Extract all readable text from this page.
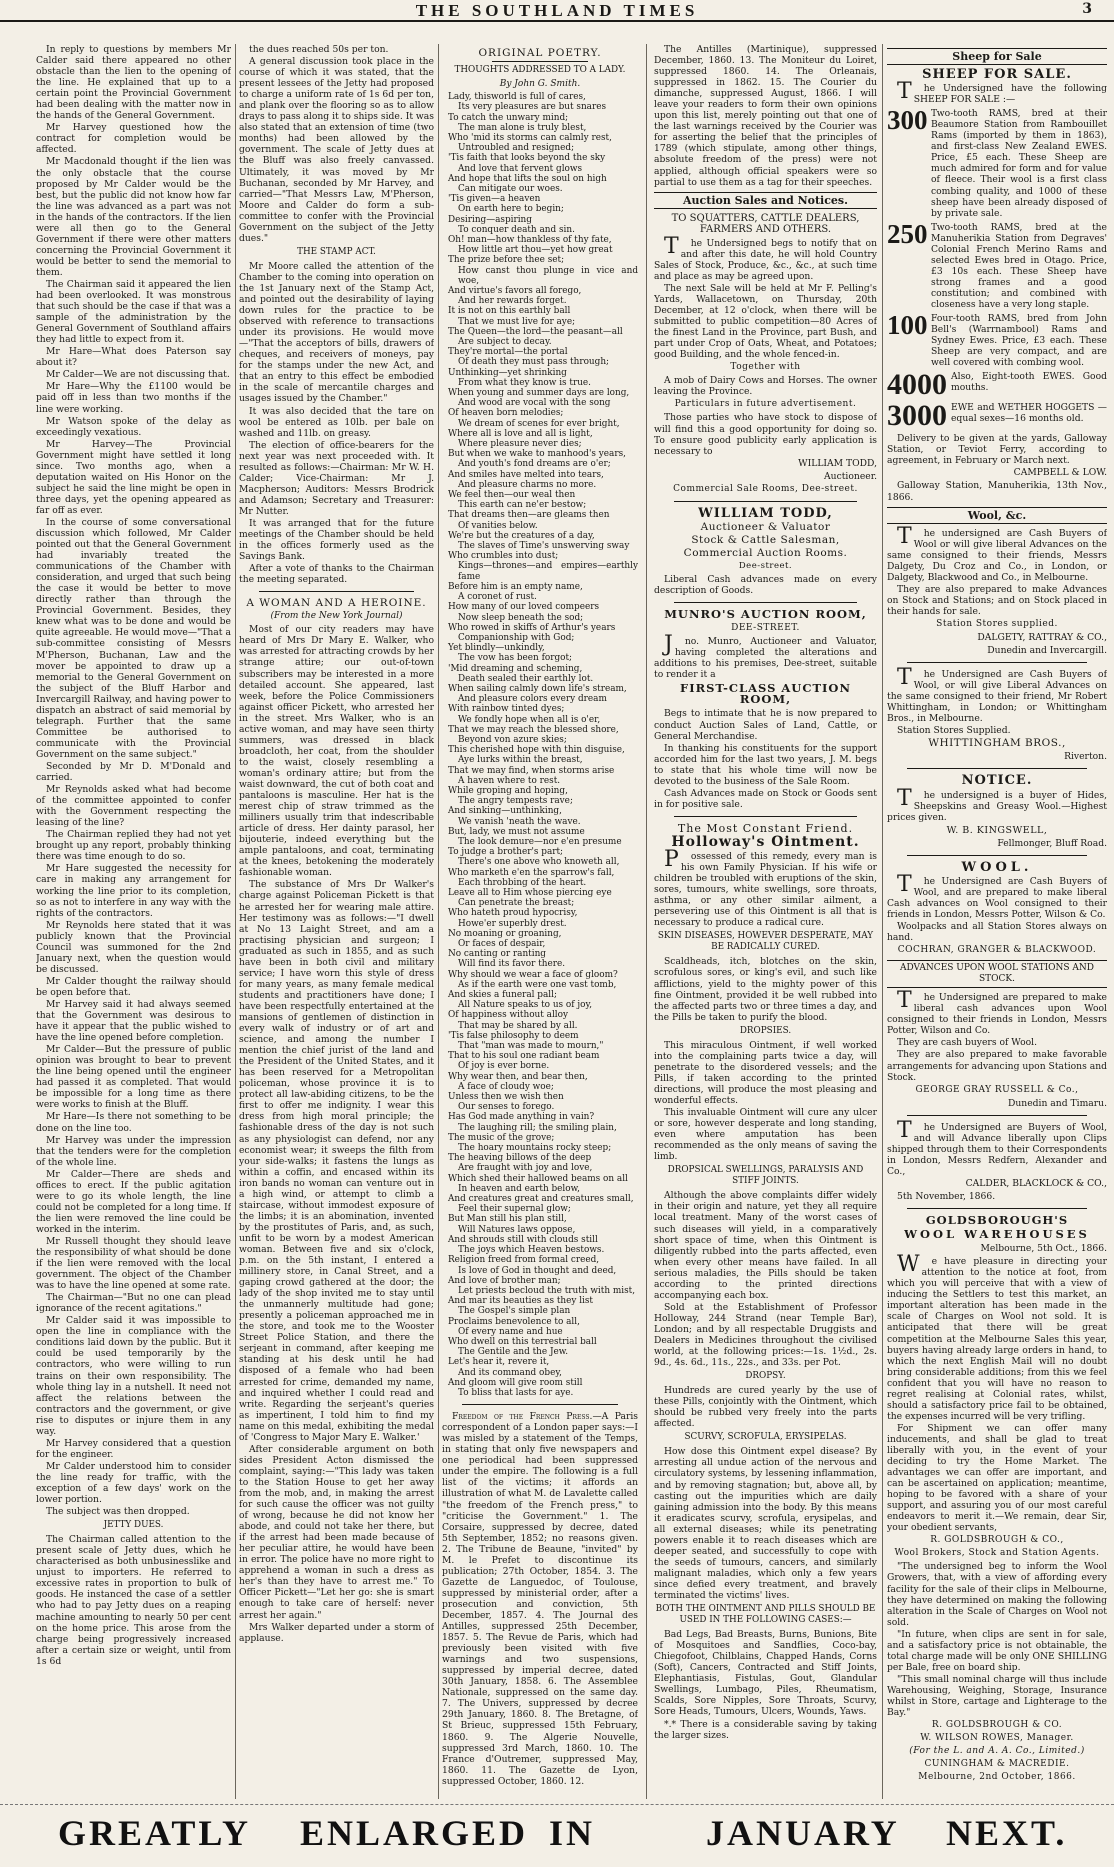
THE SOUTHLAND TIMES	3

In reply to questions by members Mr Calder said there appeared no other obstacle than the lien to the opening of the line. He explained that up to a certain point the Provincial Government had been dealing with the matter now in the hands of the General Government.

Mr Harvey questioned how the contract for completion would be affected.

Mr Macdonald thought if the lien was the only obstacle that the course proposed by Mr Calder would be the best, but the public did not know how far the line was advanced as a part was not in the hands of the contractors. If the lien were all then go to the General Government if there were other matters concerning the Provincial Government it would be better to send the memorial to them.

The Chairman said it appeared the lien had been overlooked. It was monstrous that such should be the case if that was a sample of the administration by the General Government of Southland affairs they had little to expect from it.

Mr Hare—What does Paterson say about it?

Mr Calder—We are not discussing that.

Mr Hare—Why the £1100 would be paid off in less than two months if the line were working.

Mr Watson spoke of the delay as exceedingly vexatious.

Mr Harvey—The Provincial Government might have settled it long since. Two months ago, when a deputation waited on His Honor on the subject he said the line might be open in three days, yet the opening appeared as far off as ever.

In the course of some conversational discussion which followed, Mr Calder pointed out that the General Government had invariably treated the communications of the Chamber with consideration, and urged that such being the case it would be better to move directly rather than through the Provincial Government. Besides, they knew what was to be done and would be quite agreeable. He would move—"That a sub-committee consisting of Messrs M'Pherson, Buchanan, Law and the mover be appointed to draw up a memorial to the General Government on the subject of the Bluff Harbor and Invercargill Railway, and having power to dispatch an abstract of said memorial by telegraph. Further that the same Committee be authorised to communicate with the Provincial Government on the same subject."

Seconded by Mr D. M'Donald and carried.

Mr Reynolds asked what had become of the committee appointed to confer with the Government respecting the leasing of the line?

The Chairman replied they had not yet brought up any report, probably thinking there was time enough to do so.

Mr Hare suggested the necessity for care in making any arrangement for working the line prior to its completion, so as not to interfere in any way with the rights of the contractors.

Mr Reynolds here stated that it was publicly known that the Provincial Council was summoned for the 2nd January next, when the question would be discussed.

Mr Calder thought the railway should be open before that.

Mr Harvey said it had always seemed that the Government was desirous to have it appear that the public wished to have the line opened before completion.

Mr Calder—But the pressure of public opinion was brought to bear to prevent the line being opened until the engineer had passed it as completed. That would be impossible for a long time as there were works to finish at the Bluff.

Mr Hare—Is there not something to be done on the line too.

Mr Harvey was under the impression that the tenders were for the completion of the whole line.

Mr Calder—There are sheds and offices to erect. If the public agitation were to go its whole length, the line could not be completed for a long time. If the lien were removed the line could be worked in the interim.

Mr Russell thought they should leave the responsibility of what should be done if the lien were removed with the local government. The object of the Chamber was to have the line opened at some rate.

The Chairman—"But no one can plead ignorance of the recent agitations."

Mr Calder said it was impossible to open the line in compliance with the conditions laid down by the public. But it could be used temporarily by the contractors, who were willing to run trains on their own responsibility. The whole thing lay in a nutshell. It need not affect the relations between the contractors and the government, or give rise to disputes or injure them in any way.

Mr Harvey considered that a question for the engineer.

Mr Calder understood him to consider the line ready for traffic, with the exception of a few days' work on the lower portion.

The subject was then dropped.

JETTY DUES.

The Chairman called attention to the present scale of Jetty dues, which he characterised as both unbusinesslike and unjust to importers. He referred to excessive rates in proportion to bulk of goods. He instanced the case of a settler who had to pay Jetty dues on a reaping machine amounting to nearly 50 per cent on the home price. This arose from the charge being progressively increased after a certain size or weight, until from 1s 6d

the dues reached 50s per ton.

A general discussion took place in the course of which it was stated, that the present lessees of the Jetty had proposed to charge a uniform rate of 1s 6d per ton, and plank over the flooring so as to allow drays to pass along it to ships side. It was also stated that an extension of time (two months) had been allowed by the government. The scale of Jetty dues at the Bluff was also freely canvassed. Ultimately, it was moved by Mr Buchanan, seconded by Mr Harvey, and carried—"That Messrs Law, M'Pherson, Moore and Calder do form a sub-committee to confer with the Provincial Government on the subject of the Jetty dues."

THE STAMP ACT.

Mr Moore called the attention of the Chamber to the coming into operation on the 1st January next of the Stamp Act, and pointed out the desirability of laying down rules for the practice to be observed with reference to transactions under its provisions. He would move—"That the acceptors of bills, drawers of cheques, and receivers of moneys, pay for the stamps under the new Act, and that an entry to this effect be embodied in the scale of mercantile charges and usages issued by the Chamber."

It was also decided that the tare on wool be entered as 10lb. per bale on washed and 11lb. on greasy.

The election of office-bearers for the next year was next proceeded with. It resulted as follows:—Chairman: Mr W. H. Calder; Vice-Chairman: Mr J. Macpherson; Auditors: Messrs Brodrick and Adamson; Secretary and Treasurer: Mr Nutter.

It was arranged that for the future meetings of the Chamber should be held in the offices formerly used as the Savings Bank.

After a vote of thanks to the Chairman the meeting separated.

A WOMAN AND A HEROINE.
(From the New York Journal)

Most of our city readers may have heard of Mrs Dr Mary E. Walker, who was arrested for attracting crowds by her strange attire; our out-of-town subscribers may be interested in a more detailed account. She appeared, last week, before the Police Commissioners against officer Pickett, who arrested her in the street. Mrs Walker, who is an active woman, and may have seen thirty summers, was dressed in black broadcloth, her coat, from the shoulder to the waist, closely resembling a woman's ordinary attire; but from the waist downward, the cut of both coat and pantaloons is masculine. Her hat is the merest chip of straw trimmed as the milliners usually trim that indescribable article of dress. Her dainty parasol, her bijouterie, indeed everything but the ample pantaloons, and coat, terminating at the knees, betokening the moderately fashionable woman.

The substance of Mrs Dr Walker's charge against Policeman Pickett is that he arrested her for wearing male attire. Her testimony was as follows:—"I dwell at No 13 Laight Street, and am a practising physician and surgeon; I graduated as such in 1855, and as such have been in both civil and military service; I have worn this style of dress for many years, as many female medical students and practitioners have done; I have been respectfully entertained at the mansions of gentlemen of distinction in every walk of industry or of art and science, and among the number I mention the chief jurist of the land and the President of the United States, and it has been reserved for a Metropolitan policeman, whose province it is to protect all law-abiding citizens, to be the first to offer me indignity. I wear this dress from high moral principle; the fashionable dress of the day is not such as any physiologist can defend, nor any economist wear; it sweeps the filth from your side-walks; it fastens the lungs as within a coffin, and encased within its iron bands no woman can venture out in a high wind, or attempt to climb a staircase, without immodest exposure of the limbs; it is an abomination, invented by the prostitutes of Paris, and, as such, unfit to be worn by a modest American woman. Between five and six o'clock, p.m. on the 5th instant, I entered a millinery store, in Canal Street, and a gaping crowd gathered at the door; the lady of the shop invited me to stay until the unmannerly multitude had gone; presently a policeman approached me in the store, and took me to the Wooster Street Police Station, and there the serjeant in command, after keeping me standing at his desk until he had disposed of a female who had been arrested for crime, demanded my name, and inquired whether I could read and write. Regarding the serjeant's queries as impertinent, I told him to find my name on this medal, exhibiting the medal of 'Congress to Major Mary E. Walker.'

After considerable argument on both sides President Acton dismissed the complaint, saying:—"This lady was taken to the Station House to get her away from the mob, and, in making the arrest for such cause the officer was not guilty of wrong, because he did not know her abode, and could not take her there, but if the arrest had been made because of her peculiar attire, he would have been in error. The police have no more right to apprehend a woman in such a dress as her's than they have to arrest me." To Officer Pickett—"Let her go: she is smart enough to take care of herself: never arrest her again."

Mrs Walker departed under a storm of applause.

ORIGINAL POETRY.
THOUGHTS ADDRESSED TO A LADY.
By John G. Smith.
Lady, thisworld is full of cares,
Its very pleasures are but snares
To catch the unwary mind;
The man alone is truly blest,
Who 'mid its storms can calmly rest,
Untroubled and resigned;
'Tis faith that looks beyond the sky
And love that fervent glows
And hope that lifts the soul on high
Can mitigate our woes.
'Tis given—a heaven
On earth here to begin;
Desiring—aspiring
To conquer death and sin.
Oh! man—how thankless of thy fate,
How little art thou—yet how great
The prize before thee set;
How canst thou plunge in vice and woe,
And virtue's favors all forego,
And her rewards forget.
It is not on this earthly ball
That we must live for aye;
The Queen—the lord—the peasant—all
Are subject to decay.
They're mortal—the portal
Of death they must pass through;
Unthinking—yet shrinking
From what they know is true.
When young and summer days are long,
And wood are vocal with the song
Of heaven born melodies;
We dream of scenes for ever bright,
Where all is love and all is light,
Where pleasure never dies;
But when we wake to manhood's years,
And youth's fond dreams are o'er;
And smiles have melted into tears,
And pleasure charms no more.
We feel then—our weal then
This earth can ne'er bestow;
That dreams then—are gleams then
Of vanities below.
We're but the creatures of a day,
The slaves of Time's unswerving sway
Who crumbles into dust;
Kings—thrones—and empires—earthly fame
Before him is an empty name,
A coronet of rust.
How many of our loved compeers
Now sleep beneath the sod;
Who rowed in skiffs of Arthur's years
Companionship with God;
Yet blindly—unkindly,
The vow has been forgot;
'Mid dreaming and scheming,
Death sealed their earthly lot.
When sailing calmly down life's stream,
And pleasure colors every dream
With rainbow tinted dyes;
We fondly hope when all is o'er,
That we may reach the blessed shore,
Beyond von azure skies;
This cherished hope with thin disguise,
Aye lurks within the breast,
That we may find, when storms arise
A haven where to rest.
While groping and hoping,
The angry tempests rave;
And sinking—unthinking,
We vanish 'neath the wave.
But, lady, we must not assume
The look demure—nor e'en presume
To judge a brother's part;
There's one above who knoweth all,
Who marketh e'en the sparrow's fall,
Each throbbing of the heart.
Leave all to Him whose piercing eye
Can penetrate the breast;
Who hateth proud hypocrisy,
Howe'er superbly drest.
No moaning or groaning,
Or faces of despair,
No canting or ranting
Will find its favor there.
Why should we wear a face of gloom?
As if the earth were one vast tomb,
And skies a funeral pall;
All Nature speaks to us of joy,
Of happiness without alloy
That may be shared by all.
'Tis false philosophy to deem
That "man was made to mourn,"
That to his soul one radiant beam
Of joy is ever borne.
Why wear then, and bear then,
A face of cloudy woe;
Unless then we wish then
Our senses to forego.
Has God made anything in vain?
The laughing rill; the smiling plain,
The music of the grove;
The hoary mountains rocky steep;
The heaving billows of the deep
Are fraught with joy and love,
Which shed their hallowed beams on all
In heaven and earth below,
And creatures great and creatures small,
Feel their supernal glow;
But Man still his plan still,
Will Natures laws oppose,
And shrouds still with clouds still
The joys which Heaven bestows.
Religion freed from formal creed,
Is love of God in thought and deed,
And love of brother man;
Let priests becloud the truth with mist,
And mar its beauties as they list
The Gospel's simple plan
Proclaims benevolence to all,
Of every name and hue
Who dwell on this terrestrial ball
The Gentile and the Jew.
Let's hear it, revere it,
And its command obey,
And gloom will give room still
To bliss that lasts for aye.

Freedom of the French Press.—A Paris correspondent of a London paper says:—I was misled by a statement of the Temps, in stating that only five newspapers and one periodical had been suppressed under the empire. The following is a full list of the victims; it affords an illustration of what M. de Lavalette called "the freedom of the French press," to "criticise the Government." 1. The Corsaire, suppressed by decree, dated 5th September, 1852; no reasons given. 2. The Tribune de Beaune, "invited" by M. le Prefet to discontinue its publication; 27th October, 1854. 3. The Gazette de Languedoc, of Toulouse, suppressed by ministerial order, after a prosecution and conviction, 5th December, 1857. 4. The Journal des Antilles, suppressed 25th December, 1857. 5. The Revue de Paris, which had previously been visited with five warnings and two suspensions, suppressed by imperial decree, dated 30th January, 1858. 6. The Assemblee Nationale, suppressed on the same day. 7. The Univers, suppressed by decree 29th January, 1860. 8. The Bretagne, of St Brieuc, suppressed 15th February, 1860. 9. The Algerie Nouvelle, suppressed 3rd March, 1860. 10. The France d'Outremer, suppressed May, 1860. 11. The Gazette de Lyon, suppressed October, 1860. 12.

The Antilles (Martinique), suppressed December, 1860. 13. The Moniteur du Loiret, suppressed 1860. 14. The Orleanais, suppressed in 1862. 15. The Courier du dimanche, suppressed August, 1866. I will leave your readers to form their own opinions upon this list, merely pointing out that one of the last warnings received by the Courier was for asserting the belief that the principles of 1789 (which stipulate, among other things, absolute freedom of the press) were not applied, although official speakers were so partial to use them as a tag for their speeches.

Auction Sales and Notices.
TO SQUATTERS, CATTLE DEALERS, FARMERS AND OTHERS.

The Undersigned begs to notify that on and after this date, he will hold Country Sales of Stock, Produce, &c., &c., at such time and place as may be agreed upon.

The next Sale will be held at Mr F. Pelling's Yards, Wallacetown, on Thursday, 20th December, at 12 o'clock, when there will be submitted to public competition—80 Acres of the finest Land in the Province, part Bush, and part under Crop of Oats, Wheat, and Potatoes; good Building, and the whole fenced-in.

Together with

A mob of Dairy Cows and Horses. The owner leaving the Province.

Particulars in future advertisement.

Those parties who have stock to dispose of will find this a good opportunity for doing so. To ensure good publicity early application is necessary to

WILLIAM TODD,
Auctioneer.
Commercial Sale Rooms, Dee-street.
WILLIAM TODD,
Auctioneer & Valuator
Stock & Cattle Salesman,
Commercial Auction Rooms.
Dee-street.

Liberal Cash advances made on every description of Goods.

MUNRO'S AUCTION ROOM,
DEE-STREET.

Jno. Munro, Auctioneer and Valuator, having completed the alterations and additions to his premises, Dee-street, suitable to render it a

FIRST-CLASS AUCTION ROOM,

Begs to intimate that he is now prepared to conduct Auction Sales of Land, Cattle, or General Merchandise.

In thanking his constituents for the support accorded him for the last two years, J. M. begs to state that his whole time will now be devoted to the business of the Sale Room.

Cash Advances made on Stock or Goods sent in for positive sale.

The Most Constant Friend.
Holloway's Ointment.

Possessed of this remedy, every man is his own Family Physician. If his wife or children be troubled with eruptions of the skin, sores, tumours, white swellings, sore throats, asthma, or any other similar ailment, a persevering use of this Ointment is all that is necessary to produce a radical cure.

SKIN DISEASES, HOWEVER DESPERATE, MAY BE RADICALLY CURED.

Scaldheads, itch, blotches on the skin, scrofulous sores, or king's evil, and such like afflictions, yield to the mighty power of this fine Ointment, provided it be well rubbed into the affected parts two or three times a day, and the Pills be taken to purify the blood.

DROPSIES.

This miraculous Ointment, if well worked into the complaining parts twice a day, will penetrate to the disordered vessels; and the Pills, if taken according to the printed directions, will produce the most pleasing and wonderful effects.

This invaluable Ointment will cure any ulcer or sore, however desperate and long standing, even where amputation has been recommended as the only means of saving the limb.

DROPSICAL SWELLINGS, PARALYSIS AND STIFF JOINTS.

Although the above complaints differ widely in their origin and nature, yet they all require local treatment. Many of the worst cases of such diseases will yield, in a comparatively short space of time, when this Ointment is diligently rubbed into the parts affected, even when every other means have failed. In all serious maladies, the Pills should be taken according to the printed directions accompanying each box.

Sold at the Establishment of Professor Holloway, 244 Strand (near Temple Bar), London; and by all respectable Druggists and Dealers in Medicines throughout the civilised world, at the following prices:—1s. 1½d., 2s. 9d., 4s. 6d., 11s., 22s., and 33s. per Pot.

DROPSY.

Hundreds are cured yearly by the use of these Pills, conjointly with the Ointment, which should be rubbed very freely into the parts affected.

SCURVY, SCROFULA, ERYSIPELAS.

How dose this Ointment expel disease? By arresting all undue action of the nervous and circulatory systems, by lessening inflammation, and by removing stagnation; but, above all, by casting out the impurities which are daily gaining admission into the body. By this means it eradicates scurvy, scrofula, erysipelas, and all external diseases; while its penetrating powers enable it to reach diseases which are deeper seated, and successfully to cope with the seeds of tumours, cancers, and similarly malignant maladies, which only a few years since defied every treatment, and bravely terminated the victims' lives.

BOTH THE OINTMENT AND PILLS SHOULD BE USED IN THE FOLLOWING CASES:—

Bad Legs, Bad Breasts, Burns, Bunions, Bite of Mosquitoes and Sandflies, Coco-bay, Chiegofoot, Chilblains, Chapped Hands, Corns (Soft), Cancers, Contracted and Stiff Joints, Elephantiasis, Fistulas, Gout, Glandular Swellings, Lumbago, Piles, Rheumatism, Scalds, Sore Nipples, Sore Throats, Scurvy, Sore Heads, Tumours, Ulcers, Wounds, Yaws.

*.* There is a considerable saving by taking the larger sizes.

Sheep for Sale
SHEEP FOR SALE.

The Undersigned have the following SHEEP FOR SALE :—

300 Two-tooth RAMS, bred at their Beaumore Station from Rambouillet Rams (imported by them in 1863), and first-class New Zealand EWES. Price, £5 each. These Sheep are much admired for form and for value of fleece. Their wool is a first class combing quality, and 1000 of these sheep have been already disposed of by private sale.
250 Two-tooth RAMS, bred at the Manuherikia Station from Degraves' Colonial French Merino Rams and selected Ewes bred in Otago. Price, £3 10s each. These Sheep have strong frames and a good constitution; and combined with closeness have a very long staple.
100 Four-tooth RAMS, bred from John Bell's (Warrnambool) Rams and Sydney Ewes. Price, £3 each. These Sheep are very compact, and are well covered with combing wool.
4000 Also, Eight-tooth EWES. Good mouths.
3000 EWE and WETHER HOGGETS —equal sexes—16 months old.

Delivery to be given at the yards, Galloway Station, or Teviot Ferry, according to agreement, in February or March next.

CAMPBELL & LOW.

Galloway Station, Manuherikia, 13th Nov., 1866.

Wool, &c.

The undersigned are Cash Buyers of Wool or will give liberal Advances on the same consigned to their friends, Messrs Dalgety, Du Croz and Co., in London, or Dalgety, Blackwood and Co., in Melbourne.

They are also prepared to make Advances on Stock and Stations; and on Stock placed in their hands for sale.

Station Stores supplied.
DALGETY, RATTRAY & CO.,
Dunedin and Invercargill.

The Undersigned are Cash Buyers of Wool, or will give Liberal Advances on the same consigned to their friend, Mr Robert Whittingham, in London; or Whittingham Bros., in Melbourne.

Station Stores Supplied.

WHITTINGHAM BROS.,
Riverton.
NOTICE.

The undersigned is a buyer of Hides, Sheepskins and Greasy Wool.—Highest prices given.

W. B. KINGSWELL,
Fellmonger, Bluff Road.
WOOL.

The Undersigned are Cash Buyers of Wool, and are prepared to make liberal Cash advances on Wool consigned to their friends in London, Messrs Potter, Wilson & Co.

Woolpacks and all Station Stores always on hand.

COCHRAN, GRANGER & BLACKWOOD.
ADVANCES UPON WOOL STATIONS AND STOCK.

The Undersigned are prepared to make liberal cash advances upon Wool consigned to their friends in London, Messrs Potter, Wilson and Co.

They are cash buyers of Wool.

They are also prepared to make favorable arrangements for advancing upon Stations and Stock.

GEORGE GRAY RUSSELL & Co.,
Dunedin and Timaru.

The Undersigned are Buyers of Wool, and will Advance liberally upon Clips shipped through them to their Correspondents in London, Messrs Redfern, Alexander and Co.,

CALDER, BLACKLOCK & CO.,

5th November, 1866.

GOLDSBOROUGH'S
WOOL WAREHOUSES
Melbourne, 5th Oct., 1866.

We have pleasure in directing your attention to the notice at foot, from which you will perceive that with a view of inducing the Settlers to test this market, an important alteration has been made in the scale of Charges on Wool not sold. It is anticipated that there will be great competition at the Melbourne Sales this year, buyers having already large orders in hand, to which the next English Mail will no doubt bring considerable additions; from this we feel confident that you will have no reason to regret realising at Colonial rates, whilst, should a satisfactory price fail to be obtained, the expenses incurred will be very trifling.

For Shipment we can offer many inducements, and shall be glad to treat liberally with you, in the event of your deciding to try the Home Market. The advantages we can offer are important, and can be ascertained on application; meantime, hoping to be favored with a share of your support, and assuring you of our most careful endeavors to merit it.—We remain, dear Sir, your obedient servants,

R. GOLDSBROUGH & CO.,
Wool Brokers, Stock and Station Agents.

"The undersigned beg to inform the Wool Growers, that, with a view of affording every facility for the sale of their clips in Melbourne, they have determined on making the following alteration in the Scale of Charges on Wool not sold.

"In future, when clips are sent in for sale, and a satisfactory price is not obtainable, the total charge made will be only ONE SHILLING per Bale, free on board ship.

"This small nominal charge will thus include Warehousing, Weighing, Storage, Insurance whilst in Store, cartage and Lighterage to the Bay."

R. GOLDSBROUGH & CO.
W. WILSON ROWES, Manager.
(For the L. and A. A. Co., Limited.)
CUNINGHAM & MACREDIE.
Melbourne, 2nd October, 1866.
GREATLY ENLARGED IN	JANUARY NEXT.
